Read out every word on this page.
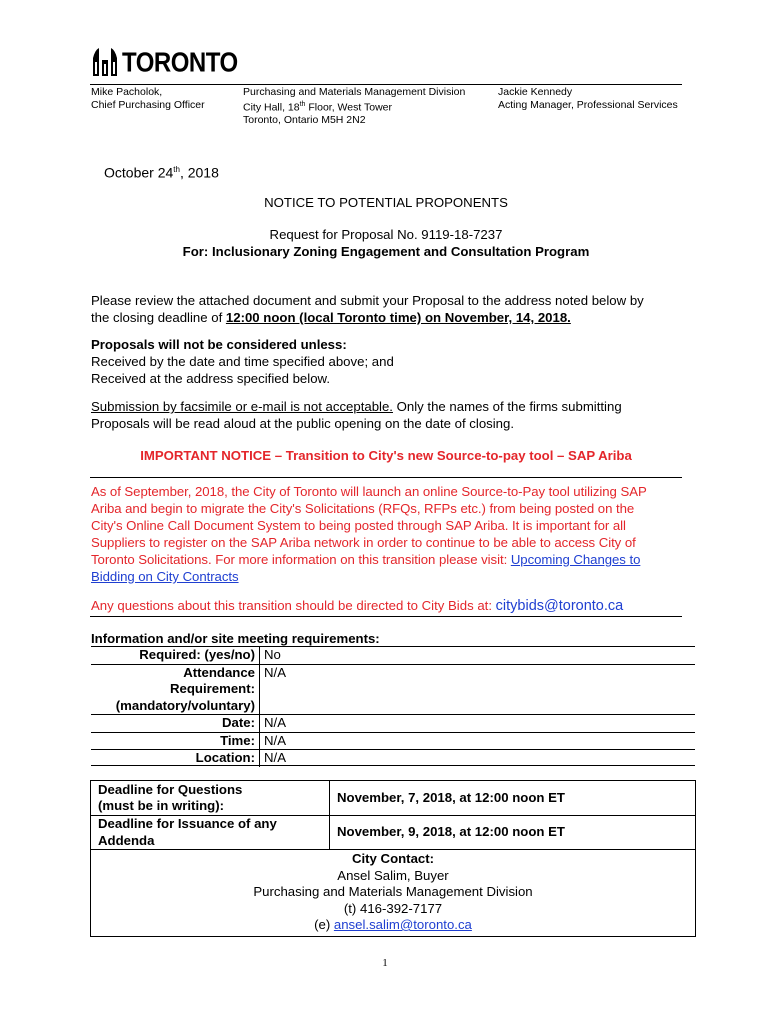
TORONTO
Mike Pacholok,
Chief Purchasing Officer
Purchasing and Materials Management Division
City Hall, 18th Floor, West Tower
Toronto, Ontario M5H 2N2
Jackie Kennedy
Acting Manager, Professional Services
October 24th, 2018
NOTICE TO POTENTIAL PROPONENTS
Request for Proposal No. 9119-18-7237
For: Inclusionary Zoning Engagement and Consultation Program
Please review the attached document and submit your Proposal to the address noted below by
the closing deadline of 12:00 noon (local Toronto time) on November, 14, 2018.
Proposals will not be considered unless:
Received by the date and time specified above; and
Received at the address specified below.
Submission by facsimile or e-mail is not acceptable. Only the names of the firms submitting
Proposals will be read aloud at the public opening on the date of closing.
IMPORTANT NOTICE – Transition to City's new Source-to-pay tool – SAP Ariba
As of September, 2018, the City of Toronto will launch an online Source-to-Pay tool utilizing SAP
Ariba and begin to migrate the City's Solicitations (RFQs, RFPs etc.) from being posted on the
City's Online Call Document System to being posted through SAP Ariba. It is important for all
Suppliers to register on the SAP Ariba network in order to continue to be able to access City of
Toronto Solicitations. For more information on this transition please visit: Upcoming Changes to
Bidding on City Contracts
Any questions about this transition should be directed to City Bids at: citybids@toronto.ca
Information and/or site meeting requirements:
Required: (yes/no)	No
Attendance	N/A
Requirement:	
(mandatory/voluntary)	
Date:	N/A
Time:	N/A
Location:	N/A
Deadline for Questions
(must be in writing):	November, 7, 2018, at 12:00 noon ET

Deadline for Issuance of any
Addenda	November, 9, 2018, at 12:00 noon ET

City Contact:
Ansel Salim, Buyer
Purchasing and Materials Management Division
(t) 416-392-7177
(e) ansel.salim@toronto.ca	
1
